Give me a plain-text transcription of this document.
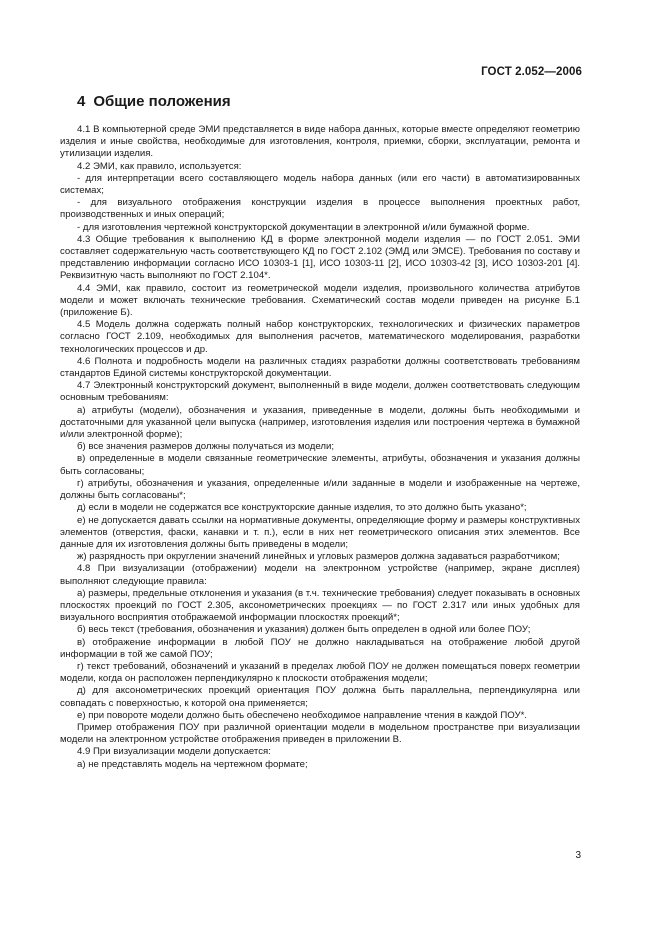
ГОСТ 2.052—2006
4 Общие положения

4.1 В компьютерной среде ЭМИ представляется в виде набора данных, которые вместе определяют геометрию изделия и иные свойства, необходимые для изготовления, контроля, приемки, сборки, эксплуатации, ремонта и утилизации изделия.

4.2 ЭМИ, как правило, используется:

- для интерпретации всего составляющего модель набора данных (или его части) в автоматизированных системах;

- для визуального отображения конструкции изделия в процессе выполнения проектных работ, производственных и иных операций;

- для изготовления чертежной конструкторской документации в электронной и/или бумажной форме.

4.3 Общие требования к выполнению КД в форме электронной модели изделия — по ГОСТ 2.051. ЭМИ составляет содержательную часть соответствующего КД по ГОСТ 2.102 (ЭМД или ЭМСЕ). Требования по составу и представлению информации согласно ИСО 10303-1 [1], ИСО 10303-11 [2], ИСО 10303-42 [3], ИСО 10303-201 [4]. Реквизитную часть выполняют по ГОСТ 2.104*.

4.4 ЭМИ, как правило, состоит из геометрической модели изделия, произвольного количества атрибутов модели и может включать технические требования. Схематический состав модели приведен на рисунке Б.1 (приложение Б).

4.5 Модель должна содержать полный набор конструкторских, технологических и физических параметров согласно ГОСТ 2.109, необходимых для выполнения расчетов, математического моделирования, разработки технологических процессов и др.

4.6 Полнота и подробность модели на различных стадиях разработки должны соответствовать требованиям стандартов Единой системы конструкторской документации.

4.7 Электронный конструкторский документ, выполненный в виде модели, должен соответствовать следующим основным требованиям:

а) атрибуты (модели), обозначения и указания, приведенные в модели, должны быть необходимыми и достаточными для указанной цели выпуска (например, изготовления изделия или построения чертежа в бумажной и/или электронной форме);

б) все значения размеров должны получаться из модели;

в) определенные в модели связанные геометрические элементы, атрибуты, обозначения и указания должны быть согласованы;

г) атрибуты, обозначения и указания, определенные и/или заданные в модели и изображенные на чертеже, должны быть согласованы*;

д) если в модели не содержатся все конструкторские данные изделия, то это должно быть указано*;

е) не допускается давать ссылки на нормативные документы, определяющие форму и размеры конструктивных элементов (отверстия, фаски, канавки и т. п.), если в них нет геометрического описания этих элементов. Все данные для их изготовления должны быть приведены в модели;

ж) разрядность при округлении значений линейных и угловых размеров должна задаваться разработчиком;

4.8 При визуализации (отображении) модели на электронном устройстве (например, экране дисплея) выполняют следующие правила:

а) размеры, предельные отклонения и указания (в т.ч. технические требования) следует показывать в основных плоскостях проекций по ГОСТ 2.305, аксонометрических проекциях — по ГОСТ 2.317 или иных удобных для визуального восприятия отображаемой информации плоскостях проекций*;

б) весь текст (требования, обозначения и указания) должен быть определен в одной или более ПОУ;

в) отображение информации в любой ПОУ не должно накладываться на отображение любой другой информации в той же самой ПОУ;

г) текст требований, обозначений и указаний в пределах любой ПОУ не должен помещаться поверх геометрии модели, когда он расположен перпендикулярно к плоскости отображения модели;

д) для аксонометрических проекций ориентация ПОУ должна быть параллельна, перпендикулярна или совпадать с поверхностью, к которой она применяется;

е) при повороте модели должно быть обеспечено необходимое направление чтения в каждой ПОУ*.

Пример отображения ПОУ при различной ориентации модели в модельном пространстве при визуализации модели на электронном устройстве отображения приведен в приложении В.

4.9 При визуализации модели допускается:

а) не представлять модель на чертежном формате;

3
